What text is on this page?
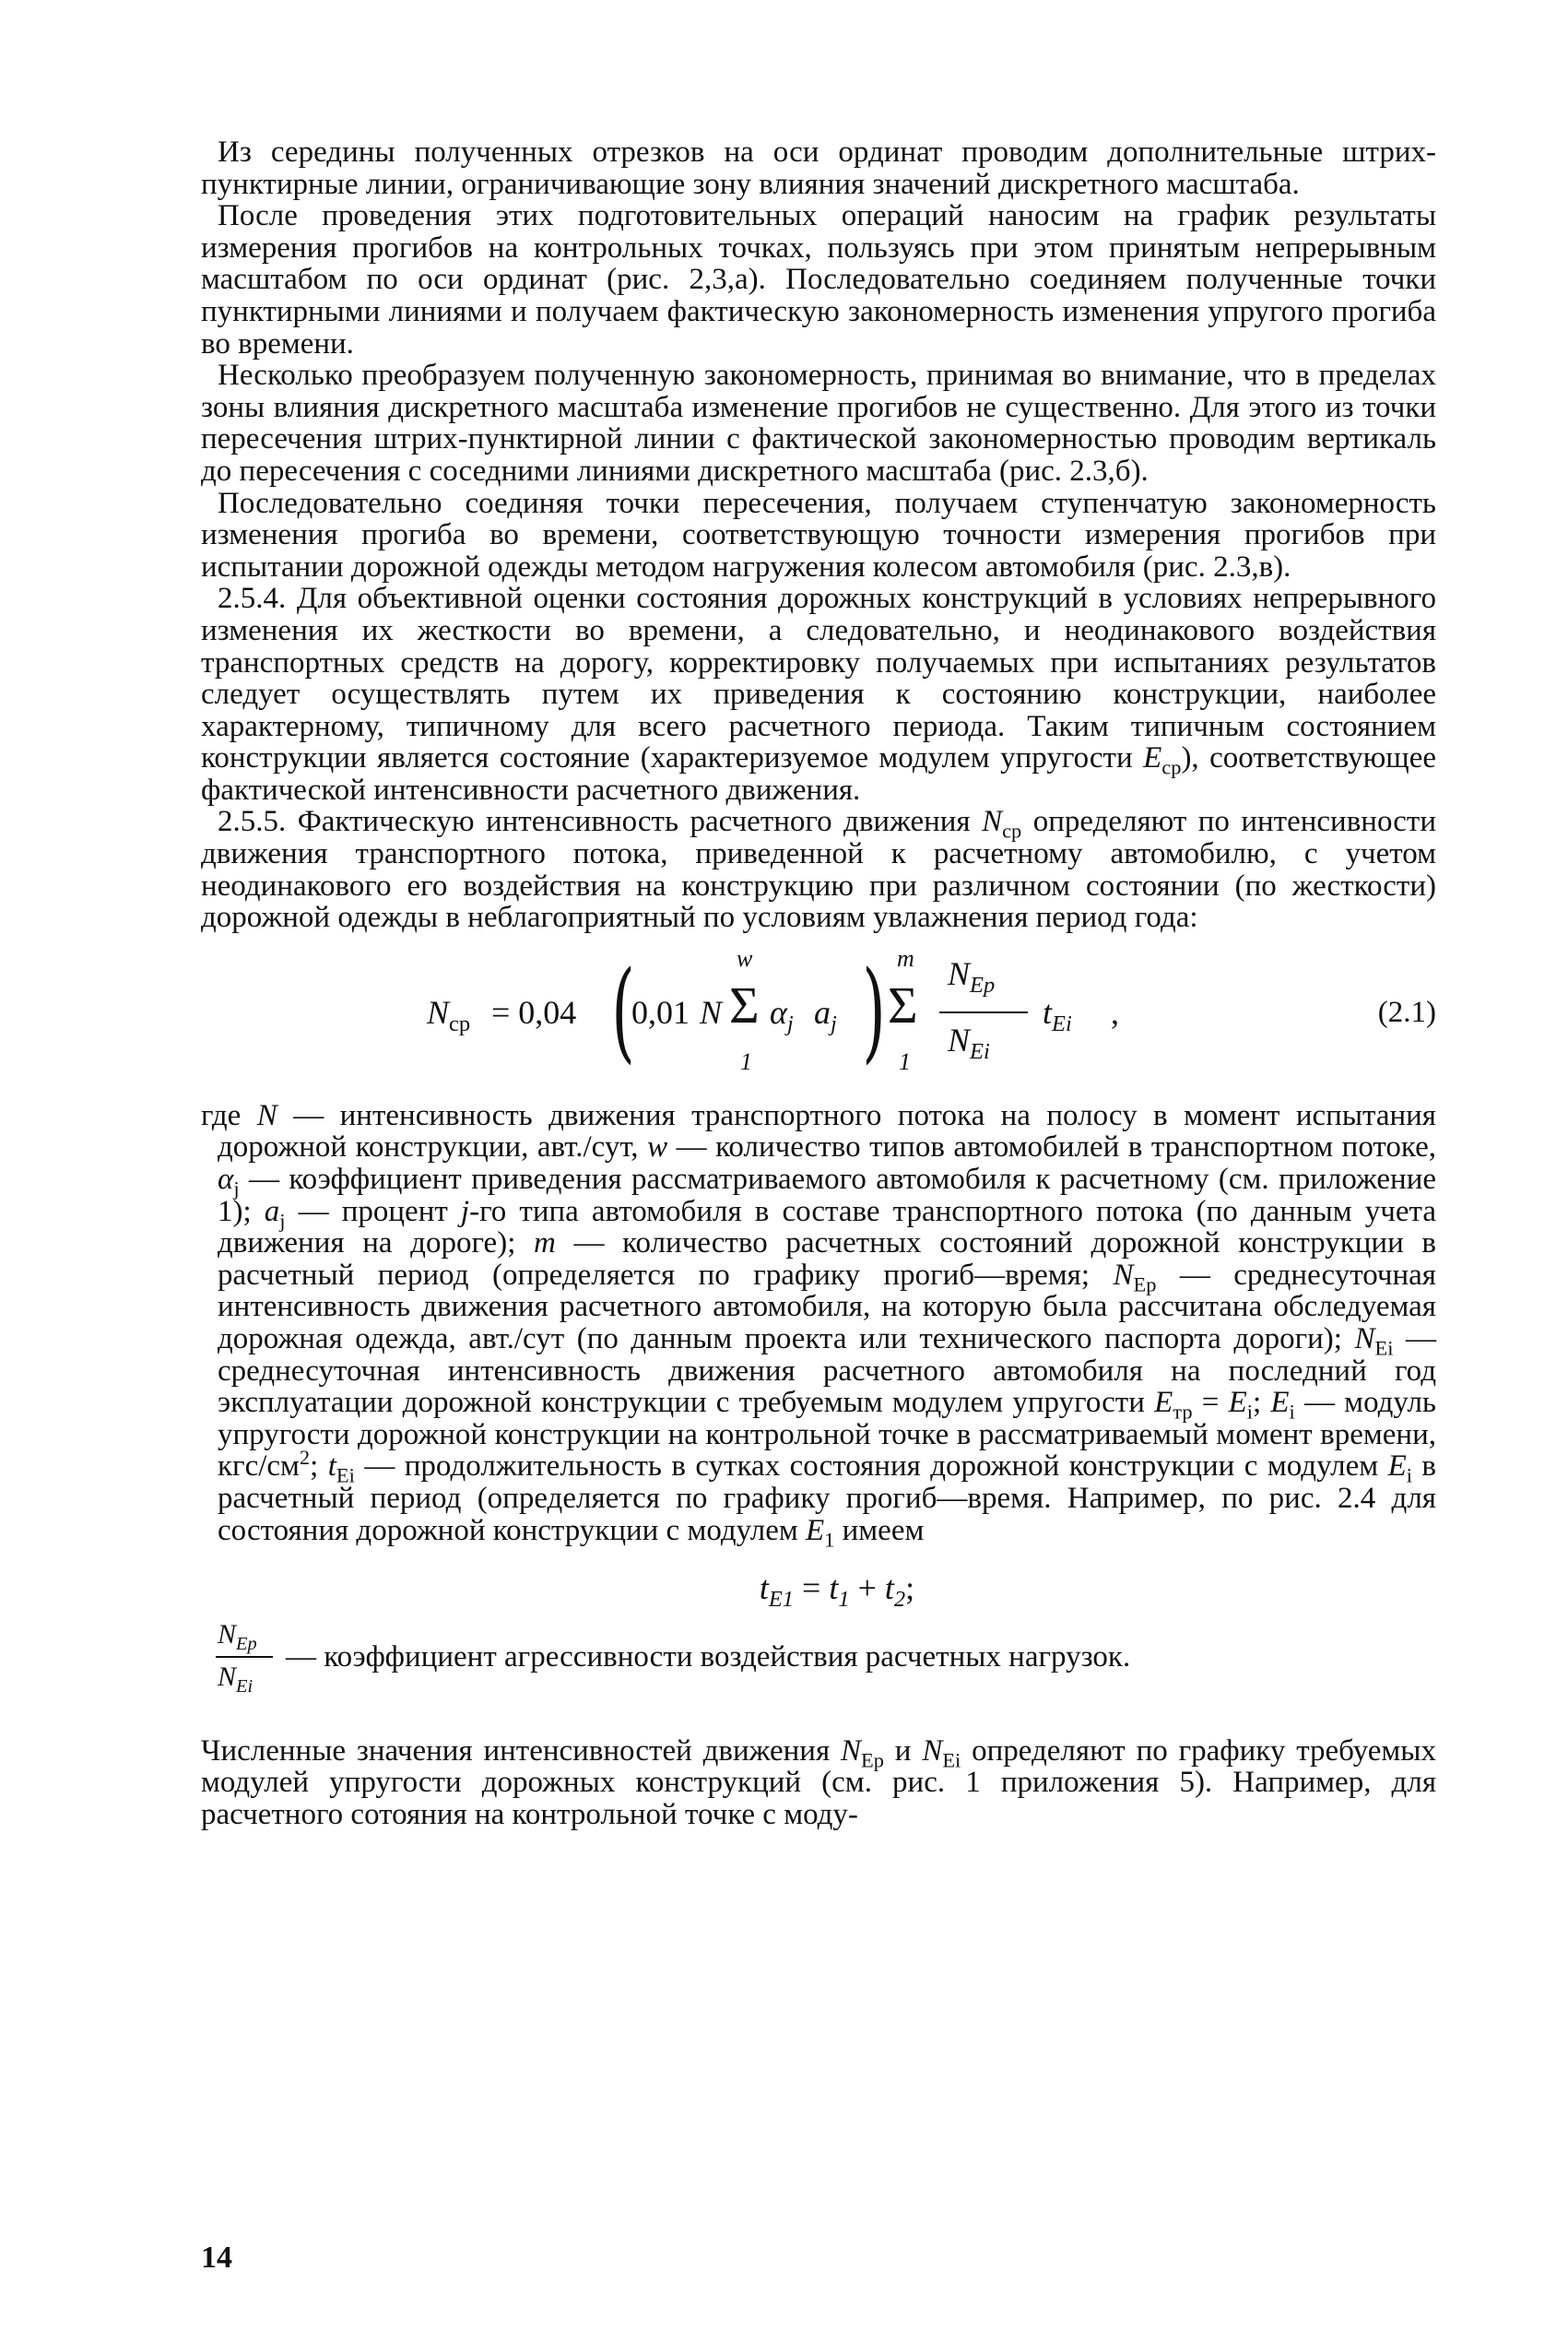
Из середины полученных отрезков на оси ординат проводим дополнительные штрих-пунктирные линии, ограничивающие зону влияния значений дискретного масштаба.

После проведения этих подготовительных операций наносим на график результаты измерения прогибов на контрольных точках, пользуясь при этом принятым непрерывным масштабом по оси ординат (рис. 2,3,а). Последовательно соединяем полученные точки пунктирными линиями и получаем фактическую закономерность изменения упругого прогиба во времени.

Несколько преобразуем полученную закономерность, принимая во внимание, что в пределах зоны влияния дискретного масштаба изменение прогибов не существенно. Для этого из точки пересечения штрих-пунктирной линии с фактической закономерностью проводим вертикаль до пересечения с соседними линиями дискретного масштаба (рис. 2.3,б).

Последовательно соединяя точки пересечения, получаем ступенчатую закономерность изменения прогиба во времени, соответствующую точности измерения прогибов при испытании дорожной одежды методом нагружения колесом автомобиля (рис. 2.3,в).

2.5.4. Для объективной оценки состояния дорожных конструкций в условиях непрерывного изменения их жесткости во времени, а следовательно, и неодинакового воздействия транспортных средств на дорогу, корректировку получаемых при испытаниях результатов следует осуществлять путем их приведения к состоянию конструкции, наиболее характерному, типичному для всего расчетного периода. Таким типичным состоянием конструкции является состояние (характеризуемое модулем упругости $E_{ср}$), соответствующее фактической интенсивности расчетного движения.

2.5.5. Фактическую интенсивность расчетного движения $N_{ср}$ определяют по интенсивности движения транспортного потока, приведенной к расчетному автомобилю, с учетом неодинакового его воздействия на конструкцию при различном состоянии (по жесткости) дорожной одежды в неблагоприятный по условиям увлажнения период года:

$N_{ср} = 0,04$ (
0,01 N
w
Σ
1
$\alpha_j$ $a_j$ ) m
Σ
1
$N_{Ep}$
$N_{Ei}$
$t_{Ei}$ ,	(2.1)

где N — интенсивность движения транспортного потока на полосу в момент испытания дорожной конструкции, авт./сут, w — количество типов автомобилей в транспортном потоке, $\alpha_j$ — коэффициент приведения рассматриваемого автомобиля к расчетному (см. приложение 1); $a_j$ — процент j-го типа автомобиля в составе транспортного потока (по данным учета движения на дороге); m — количество расчетных состояний дорожной конструкции в расчетный период (определяется по графику прогиб—время; $N_{Ep}$ — среднесуточная интенсивность движения расчетного автомобиля, на которую была рассчитана обследуемая дорожная одежда, авт./сут (по данным проекта или технического паспорта дороги); $N_{Ei}$ — среднесуточная интенсивность движения расчетного автомобиля на последний год эксплуатации дорожной конструкции с требуемым модулем упругости $E_{тр} = E_i$; $E_i$ — модуль упругости дорожной конструкции на контрольной точке в рассматриваемый момент времени, кгс/$см^2$; $t_{Ei}$ — продолжительность в сутках состояния дорожной конструкции с модулем $E_i$ в расчетный период (определяется по графику прогиб—время. Например, по рис. 2.4 для состояния дорожной конструкции с модулем $E_1$ имеем

$t_{E1} = t_1 + t_2$;
$N_{Ep}$
$N_{Ei}$
— коэффициент агрессивности воздействия расчетных нагрузок.

Численные значения интенсивностей движения $N_{Ep}$ и $N_{Ei}$ определяют по графику требуемых модулей упругости дорожных конструкций (см. рис. 1 приложения 5). Например, для расчетного сотояния на контрольной точке с моду-

14
